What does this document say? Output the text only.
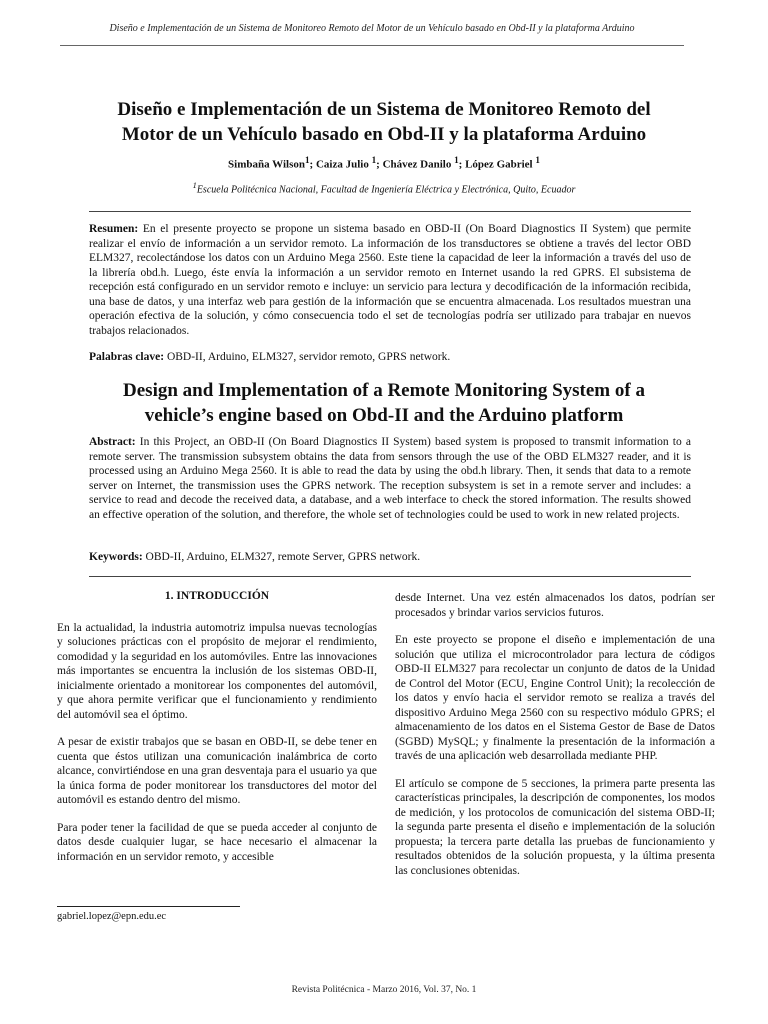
Diseño e Implementación de un Sistema de Monitoreo Remoto del Motor de un Vehículo basado en Obd-II y la plataforma Arduino
Diseño e Implementación de un Sistema de Monitoreo Remoto del
Motor de un Vehículo basado en Obd-II y la plataforma Arduino
Simbaña Wilson$^1$; Caiza Julio $^1$; Chávez Danilo $^1$; López Gabriel $^1$
$^1$Escuela Politécnica Nacional, Facultad de Ingeniería Eléctrica y Electrónica, Quito, Ecuador
Resumen: En el presente proyecto se propone un sistema basado en OBD-II (On Board Diagnostics II System) que permite realizar el envío de información a un servidor remoto. La información de los transductores se obtiene a través del lector OBD ELM327, recolectándose los datos con un Arduino Mega 2560. Este tiene la capacidad de leer la información a través del uso de la librería obd.h. Luego, éste envía la información a un servidor remoto en Internet usando la red GPRS. El subsistema de recepción está configurado en un servidor remoto e incluye: un servicio para lectura y decodificación de la información recibida, una base de datos, y una interfaz web para gestión de la información que se encuentra almacenada. Los resultados muestran una operación efectiva de la solución, y cómo consecuencia todo el set de tecnologías podría ser utilizado para trabajar en nuevos trabajos relacionados.
Palabras clave: OBD-II, Arduino, ELM327, servidor remoto, GPRS network.
Design and Implementation of a Remote Monitoring System of a
vehicle’s engine based on Obd-II and the Arduino platform
Abstract: In this Project, an OBD-II (On Board Diagnostics II System) based system is proposed to transmit information to a remote server. The transmission subsystem obtains the data from sensors through the use of the OBD ELM327 reader, and it is processed using an Arduino Mega 2560. It is able to read the data by using the obd.h library. Then, it sends that data to a remote server on Internet, the transmission uses the GPRS network. The reception subsystem is set in a remote server and includes: a service to read and decode the received data, a database, and a web interface to check the stored information. The results showed an effective operation of the solution, and therefore, the whole set of technologies could be used to work in new related projects.
Keywords: OBD-II, Arduino, ELM327, remote Server, GPRS network.

1. INTRODUCCIÓN

En la actualidad, la industria automotriz impulsa nuevas tecnologías y soluciones prácticas con el propósito de mejorar el rendimiento, comodidad y la seguridad en los automóviles. Entre las innovaciones más importantes se encuentra la inclusión de los sistemas OBD-II, inicialmente orientado a monitorear los componentes del automóvil, y que ahora permite verificar que el funcionamiento y rendimiento del automóvil sea el óptimo.

A pesar de existir trabajos que se basan en OBD-II, se debe tener en cuenta que éstos utilizan una comunicación inalámbrica de corto alcance, convirtiéndose en una gran desventaja para el usuario ya que la única forma de poder monitorear los transductores del motor del automóvil es estando dentro del mismo.

Para poder tener la facilidad de que se pueda acceder al conjunto de datos desde cualquier lugar, se hace necesario el almacenar la información en un servidor remoto, y accesible

desde Internet. Una vez estén almacenados los datos, podrían ser procesados y brindar varios servicios futuros.

En este proyecto se propone el diseño e implementación de una solución que utiliza el microcontrolador para lectura de códigos OBD-II ELM327 para recolectar un conjunto de datos de la Unidad de Control del Motor (ECU, Engine Control Unit); la recolección de los datos y envío hacia el servidor remoto se realiza a través del dispositivo Arduino Mega 2560 con su respectivo módulo GPRS; el almacenamiento de los datos en el Sistema Gestor de Base de Datos (SGBD) MySQL; y finalmente la presentación de la información a través de una aplicación web desarrollada mediante PHP.

El artículo se compone de 5 secciones, la primera parte presenta las características principales, la descripción de componentes, los modos de medición, y los protocolos de comunicación del sistema OBD-II; la segunda parte presenta el diseño e implementación de la solución propuesta; la tercera parte detalla las pruebas de funcionamiento y resultados obtenidos de la solución propuesta, y la última presenta las conclusiones obtenidas.

gabriel.lopez@epn.edu.ec
Revista Politécnica - Marzo 2016, Vol. 37, No. 1
